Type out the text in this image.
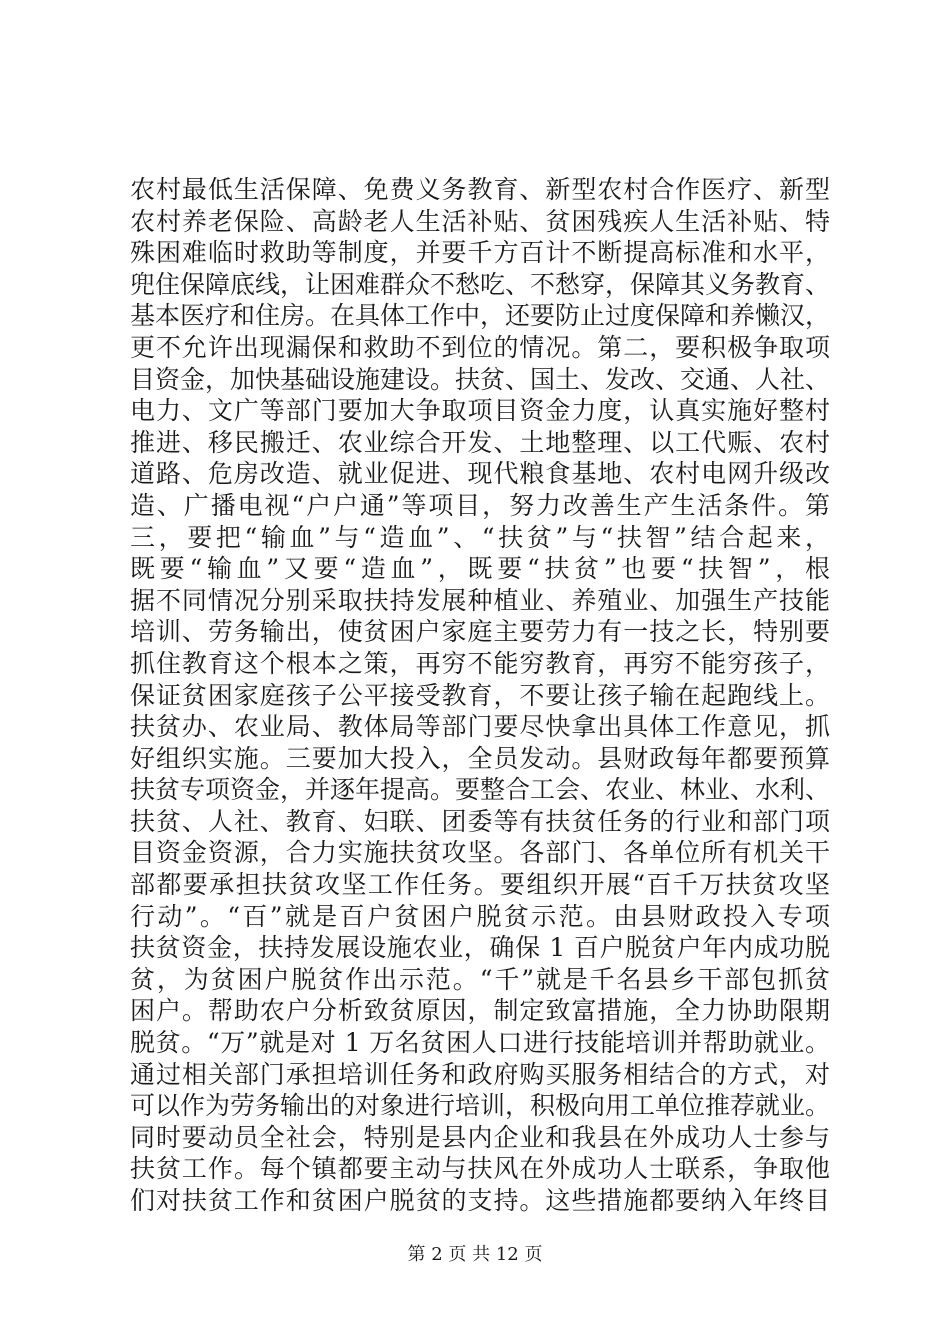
农村最低生活保障、免费义务教育、新型农村合作医疗、新型
农村养老保险、高龄老人生活补贴、贫困残疾人生活补贴、特
殊困难临时救助等制度，并要千方百计不断提高标准和水平，
兜住保障底线，让困难群众不愁吃、不愁穿，保障其义务教育、
基本医疗和住房。在具体工作中，还要防止过度保障和养懒汉，
更不允许出现漏保和救助不到位的情况。第二，要积极争取项
目资金，加快基础设施建设。扶贫、国土、发改、交通、人社、
电力、文广等部门要加大争取项目资金力度，认真实施好整村
推进、移民搬迁、农业综合开发、土地整理、以工代赈、农村
道路、危房改造、就业促进、现代粮食基地、农村电网升级改
造、广播电视“户户通”等项目，努力改善生产生活条件。第
三，要把“输血”与“造血”、“扶贫”与“扶智”结合起来，
既要“输血”又要“造血”，既要“扶贫”也要“扶智”，根
据不同情况分别采取扶持发展种植业、养殖业、加强生产技能
培训、劳务输出，使贫困户家庭主要劳力有一技之长，特别要
抓住教育这个根本之策，再穷不能穷教育，再穷不能穷孩子，
保证贫困家庭孩子公平接受教育，不要让孩子输在起跑线上。
扶贫办、农业局、教体局等部门要尽快拿出具体工作意见，抓
好组织实施。三要加大投入，全员发动。县财政每年都要预算
扶贫专项资金，并逐年提高。要整合工会、农业、林业、水利、
扶贫、人社、教育、妇联、团委等有扶贫任务的行业和部门项
目资金资源，合力实施扶贫攻坚。各部门、各单位所有机关干
部都要承担扶贫攻坚工作任务。要组织开展“百千万扶贫攻坚
行动”。“百”就是百户贫困户脱贫示范。由县财政投入专项
扶贫资金，扶持发展设施农业，确保 1 百户脱贫户年内成功脱
贫，为贫困户脱贫作出示范。“千”就是千名县乡干部包抓贫
困户。帮助农户分析致贫原因，制定致富措施，全力协助限期
脱贫。“万”就是对 1 万名贫困人口进行技能培训并帮助就业。
通过相关部门承担培训任务和政府购买服务相结合的方式，对
可以作为劳务输出的对象进行培训，积极向用工单位推荐就业。
同时要动员全社会，特别是县内企业和我县在外成功人士参与
扶贫工作。每个镇都要主动与扶风在外成功人士联系，争取他
们对扶贫工作和贫困户脱贫的支持。这些措施都要纳入年终目
第 2 页 共 12 页
